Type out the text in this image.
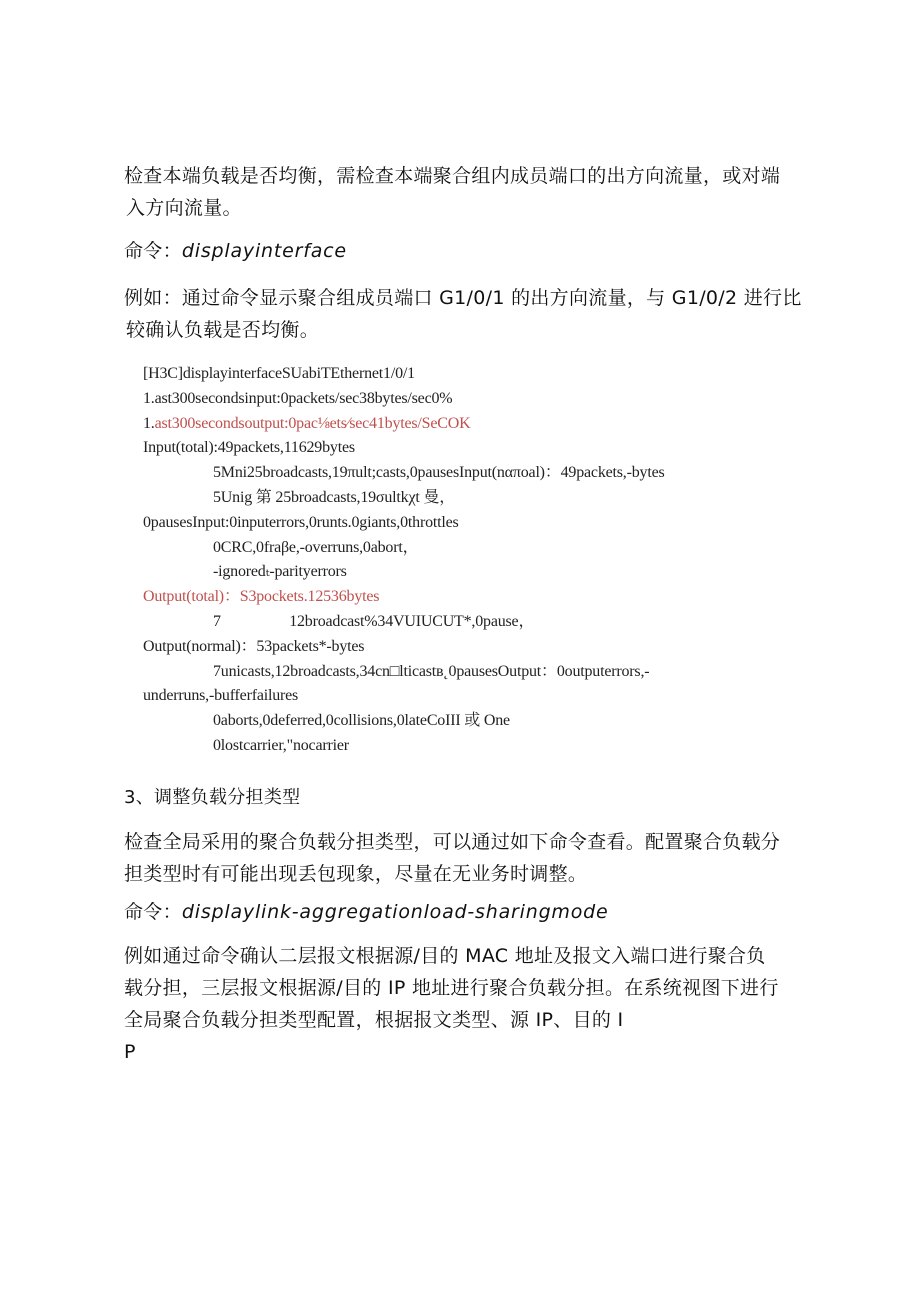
检查本端负载是否均衡，需检查本端聚合组内成员端口的出方向流量，或对端
入方向流量。
命令：displayinterface
例如：通过命令显示聚合组成员端口 G1/0/1 的出方向流量，与 G1/0/2 进行比
较确认负载是否均衡。
[H3C]displayinterfaceSUabiTEthernet1/0/1
1.ast300secondsinput:0packets/sec38bytes/sec0%
1.ast300secondsoutput:0pac⅛ets⁄sec41bytes/SeCOK
Input(total):49packets,11629bytes
5Mni25broadcasts,19πult;casts,0pausesInput(nαπoal)：49packets,-bytes
5Unig 第 25broadcasts,19σultkχt 曼，
0pausesInput:0inputerrors,0runts.0giants,0throttles
0CRC,0fraβe,-overruns,0abort，
-ignoredₜ-parityerrors
Output(total)：S3pockets.12536bytes
7                  12broadcast%34VUIUCUT*,0pause，
Output(normal)：53packets*-bytes
7unicasts,12broadcasts,34cn□lticastʙ˛0pausesOutput：0outputerrors,-
underruns,-bufferfailures
0aborts,0deferred,0collisions,0lateCoIII 或 One
0lostcarrier,"nocarrier
3、调整负载分担类型
检查全局采用的聚合负载分担类型，可以通过如下命令查看。配置聚合负载分
担类型时有可能出现丢包现象，尽量在无业务时调整。
命令：displaylink-aggregationload-sharingmode
例如通过命令确认二层报文根据源/目的 MAC 地址及报文入端口进行聚合负
载分担，三层报文根据源/目的 IP 地址进行聚合负载分担。在系统视图下进行
全局聚合负载分担类型配置，根据报文类型、源 IP、目的 I
P
